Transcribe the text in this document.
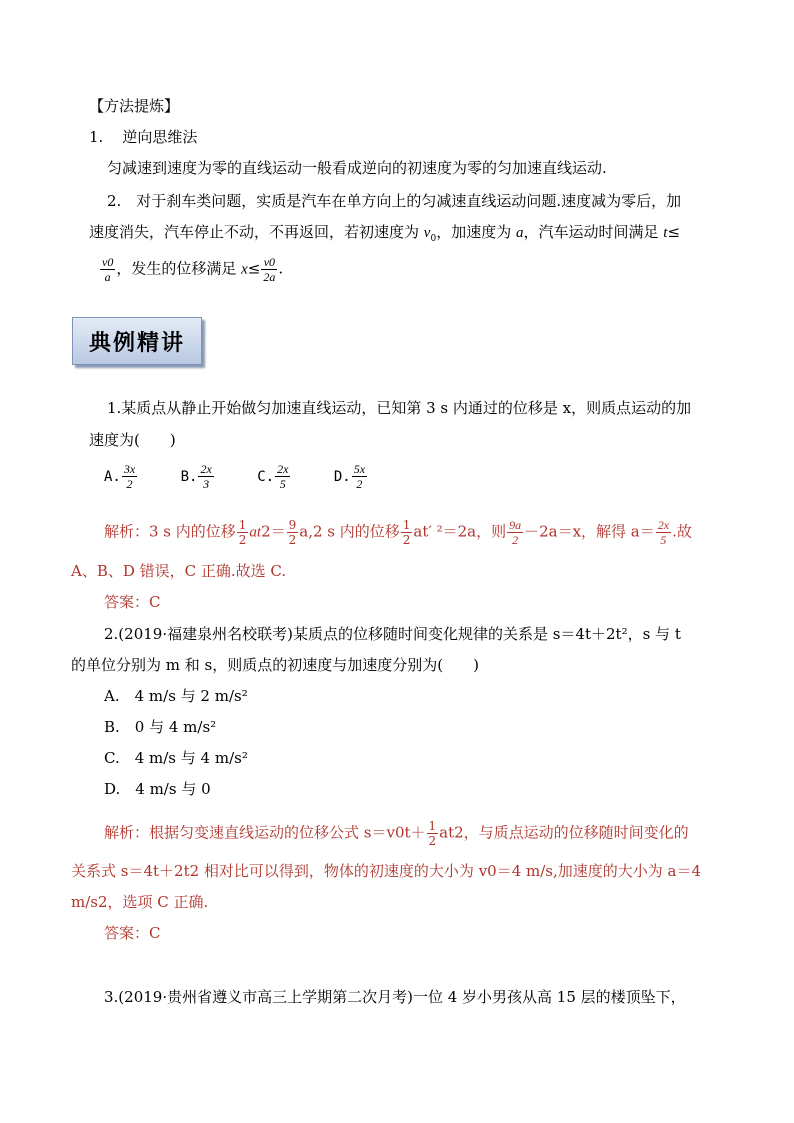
【方法提炼】
1. 逆向思维法
匀减速到速度为零的直线运动一般看成逆向的初速度为零的匀加速直线运动.
2.　对于刹车类问题，实质是汽车在单方向上的匀减速直线运动问题.速度减为零后，加
速度消失，汽车停止不动，不再返回，若初速度为 $v_0$，加速度为 a，汽车运动时间满足 t≤
$\frac{v0}{a}$ ，发生的位移满足 $x\le \frac{v0}{2a}$ .
典例精讲
1.某质点从静止开始做匀加速直线运动，已知第 3 s 内通过的位移是 x，则质点运动的加
速度为(　　)
A. $\frac{3x}{2}$	B. $\frac{2x}{3}$	C. $\frac{2x}{5}$	D. $\frac{5x}{2}$
解析：3 s 内的位移 $\frac{1}{2} at2= \frac{9}{2} a,2$ s 内的位移 $\frac{1}{2} at'$ ²＝2a，则 $\frac{9a}{2} -2a=x$，解得 $a= \frac{2x}{5}$ .故
A、B、D 错误，C 正确.故选 C.
答案：C
2.(2019·福建泉州名校联考)某质点的位移随时间变化规律的关系是 s＝4t＋2t²，s 与 t
的单位分别为 m 和 s，则质点的初速度与加速度分别为(　　)
A.　4 m/s 与 2 m/s²
B.　0 与 4 m/s²
C.　4 m/s 与 4 m/s²
D.　4 m/s 与 0
解析：根据匀变速直线运动的位移公式 $s=v0t+ \frac{1}{2} at2$，与质点运动的位移随时间变化的
关系式 s＝4t＋2t2 相对比可以得到，物体的初速度的大小为 v0＝4 m/s,加速度的大小为 a＝4
m/s2，选项 C 正确.
答案：C
3.(2019·贵州省遵义市高三上学期第二次月考)一位 4 岁小男孩从高 15 层的楼顶坠下，
